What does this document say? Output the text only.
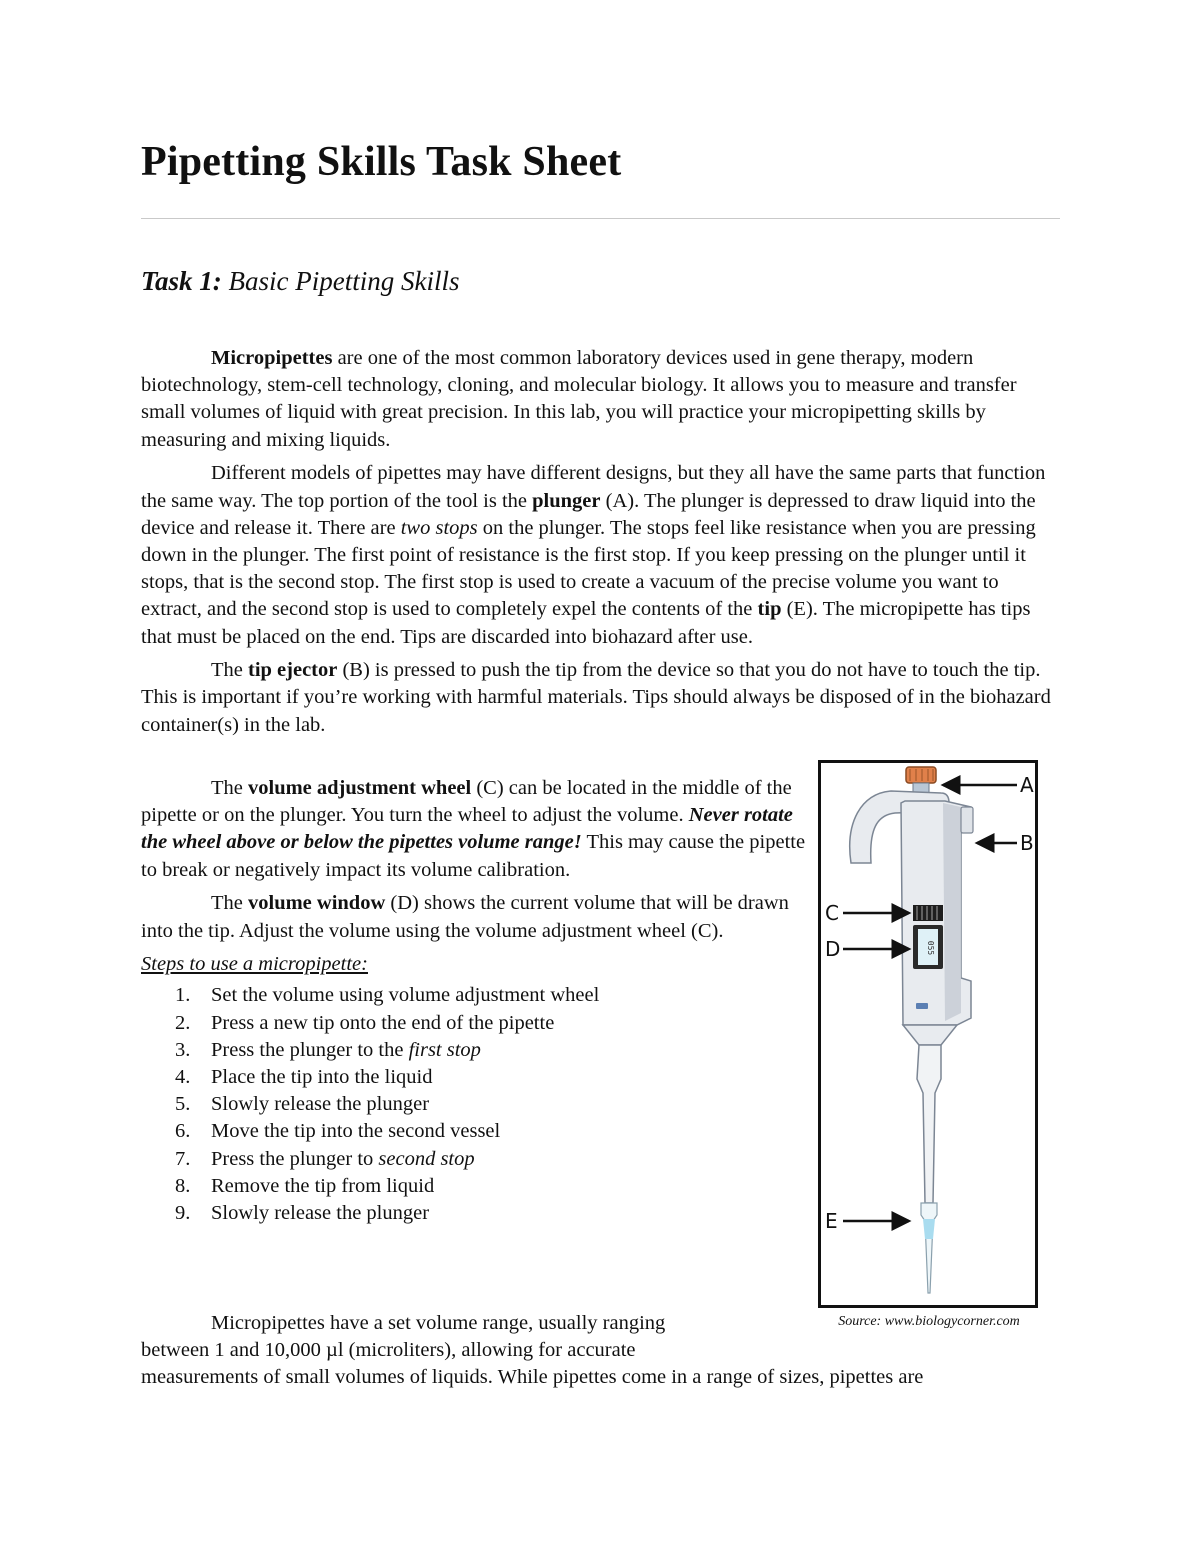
Pipetting Skills Task Sheet
Task 1: Basic Pipetting Skills

Micropipettes are one of the most common laboratory devices used in gene therapy, modern biotechnology, stem-cell technology, cloning, and molecular biology. It allows you to measure and transfer small volumes of liquid with great precision. In this lab, you will practice your micropipetting skills by measuring and mixing liquids.

Different models of pipettes may have different designs, but they all have the same parts that function the same way. The top portion of the tool is the plunger (A). The plunger is depressed to draw liquid into the device and release it. There are two stops on the plunger. The stops feel like resistance when you are pressing down in the plunger. The first point of resistance is the first stop. If you keep pressing on the plunger until it stops, that is the second stop. The first stop is used to create a vacuum of the precise volume you want to extract, and the second stop is used to completely expel the contents of the tip (E). The micropipette has tips that must be placed on the end. Tips are discarded into biohazard after use.

The tip ejector (B) is pressed to push the tip from the device so that you do not have to touch the tip. This is important if you’re working with harmful materials. Tips should always be disposed of in the biohazard container(s) in the lab.

The volume adjustment wheel (C) can be located in the middle of the pipette or on the plunger. You turn the wheel to adjust the volume. Never rotate the wheel above or below the pipettes volume range! This may cause the pipette to break or negatively impact its volume calibration.

The volume window (D) shows the current volume that will be drawn into the tip. Adjust the volume using the volume adjustment wheel (C).

Steps to use a micropipette:
1.	Set the volume using volume adjustment wheel
2.	Press a new tip onto the end of the pipette
3.	Press the plunger to the first stop
4.	Place the tip into the liquid
5.	Slowly release the plunger
6.	Move the tip into the second vessel
7.	Press the plunger to second stop
8.	Remove the tip from liquid
9.	Slowly release the plunger
055
A
B
C
D
E
Source: www.biologycorner.com
Micropipettes have a set volume range, usually ranging
between 1 and 10,000 µl (microliters), allowing for accurate
measurements of small volumes of liquids. While pipettes come in a range of sizes, pipettes are
